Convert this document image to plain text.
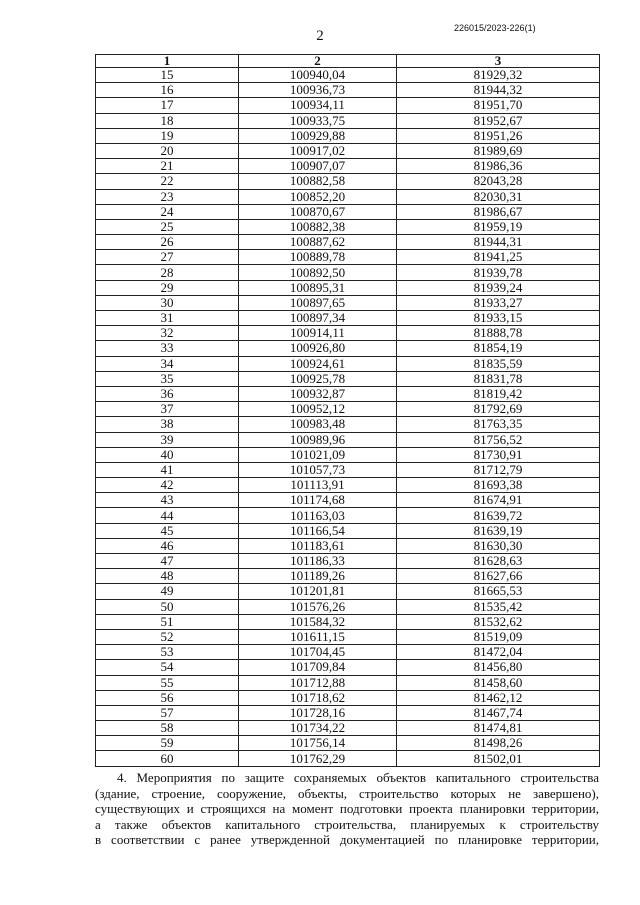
2	226015/2023-226(1)
1	2	3
15	100940,04	81929,32
16	100936,73	81944,32
17	100934,11	81951,70
18	100933,75	81952,67
19	100929,88	81951,26
20	100917,02	81989,69
21	100907,07	81986,36
22	100882,58	82043,28
23	100852,20	82030,31
24	100870,67	81986,67
25	100882,38	81959,19
26	100887,62	81944,31
27	100889,78	81941,25
28	100892,50	81939,78
29	100895,31	81939,24
30	100897,65	81933,27
31	100897,34	81933,15
32	100914,11	81888,78
33	100926,80	81854,19
34	100924,61	81835,59
35	100925,78	81831,78
36	100932,87	81819,42
37	100952,12	81792,69
38	100983,48	81763,35
39	100989,96	81756,52
40	101021,09	81730,91
41	101057,73	81712,79
42	101113,91	81693,38
43	101174,68	81674,91
44	101163,03	81639,72
45	101166,54	81639,19
46	101183,61	81630,30
47	101186,33	81628,63
48	101189,26	81627,66
49	101201,81	81665,53
50	101576,26	81535,42
51	101584,32	81532,62
52	101611,15	81519,09
53	101704,45	81472,04
54	101709,84	81456,80
55	101712,88	81458,60
56	101718,62	81462,12
57	101728,16	81467,74
58	101734,22	81474,81
59	101756,14	81498,26
60	101762,29	81502,01

4. Мероприятия по защите сохраняемых объектов капитального строительства

(здание, строение, сооружение, объекты, строительство которых не завершено),

существующих и строящихся на момент подготовки проекта планировки территории,

а также объектов капитального строительства, планируемых к строительству

в соответствии с ранее утвержденной документацией по планировке территории,
